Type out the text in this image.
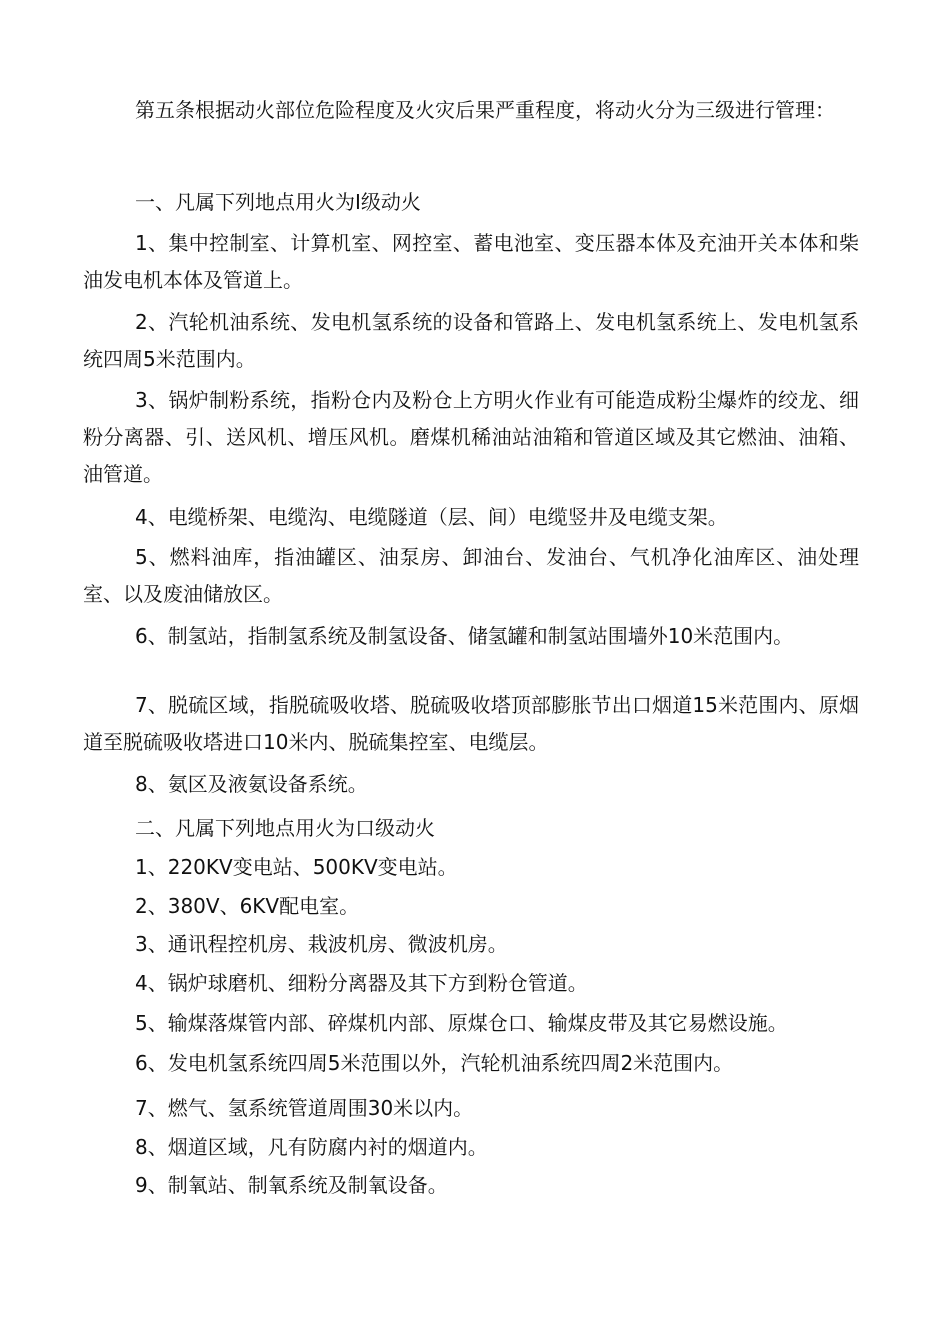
第五条根据动火部位危险程度及火灾后果严重程度，将动火分为三级进行管理：

一、凡属下列地点用火为Ⅰ级动火

1、集中控制室、计算机室、网控室、蓄电池室、变压器本体及充油开关本体和柴油发电机本体及管道上。

2、汽轮机油系统、发电机氢系统的设备和管路上、发电机氢系统上、发电机氢系统四周5米范围内。

3、锅炉制粉系统，指粉仓内及粉仓上方明火作业有可能造成粉尘爆炸的绞龙、细粉分离器、引、送风机、增压风机。磨煤机稀油站油箱和管道区域及其它燃油、油箱、油管道。

4、电缆桥架、电缆沟、电缆隧道（层、间）电缆竖井及电缆支架。

5、燃料油库，指油罐区、油泵房、卸油台、发油台、气机净化油库区、油处理室、以及废油储放区。

6、制氢站，指制氢系统及制氢设备、储氢罐和制氢站围墙外10米范围内。

7、脱硫区域，指脱硫吸收塔、脱硫吸收塔顶部膨胀节出口烟道15米范围内、原烟道至脱硫吸收塔进口10米内、脱硫集控室、电缆层。

8、氨区及液氨设备系统。

二、凡属下列地点用火为口级动火

1、220KV变电站、500KV变电站。

2、380V、6KV配电室。

3、通讯程控机房、栽波机房、微波机房。

4、锅炉球磨机、细粉分离器及其下方到粉仓管道。

5、输煤落煤管内部、碎煤机内部、原煤仓口、输煤皮带及其它易燃设施。

6、发电机氢系统四周5米范围以外，汽轮机油系统四周2米范围内。

7、燃气、氢系统管道周围30米以内。

8、烟道区域，凡有防腐内衬的烟道内。

9、制氧站、制氧系统及制氧设备。
